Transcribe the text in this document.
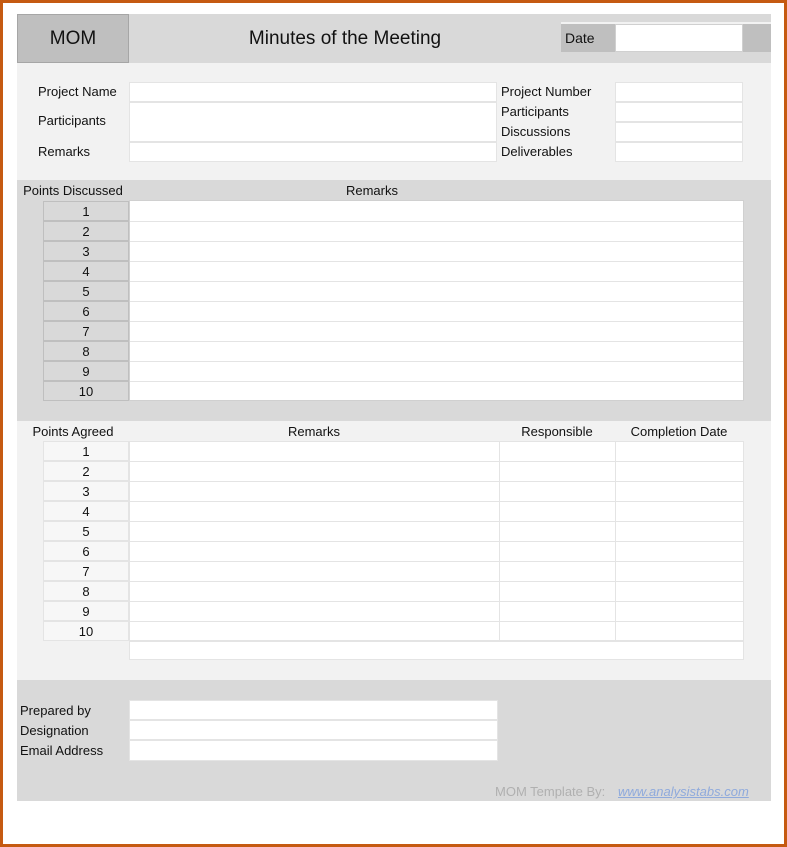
MOM	Minutes of the Meeting	Date
Project Name
Participants
Remarks
Project Number
Participants
Discussions
Deliverables
Points Discussed	Remarks
1
2
3
4
5
6
7
8
9
10
Points Agreed	Remarks	Responsible	Completion Date
1
2
3
4
5
6
7
8
9
10
Prepared by
Designation
Email Address
MOM Template By: www.analysistabs.com
